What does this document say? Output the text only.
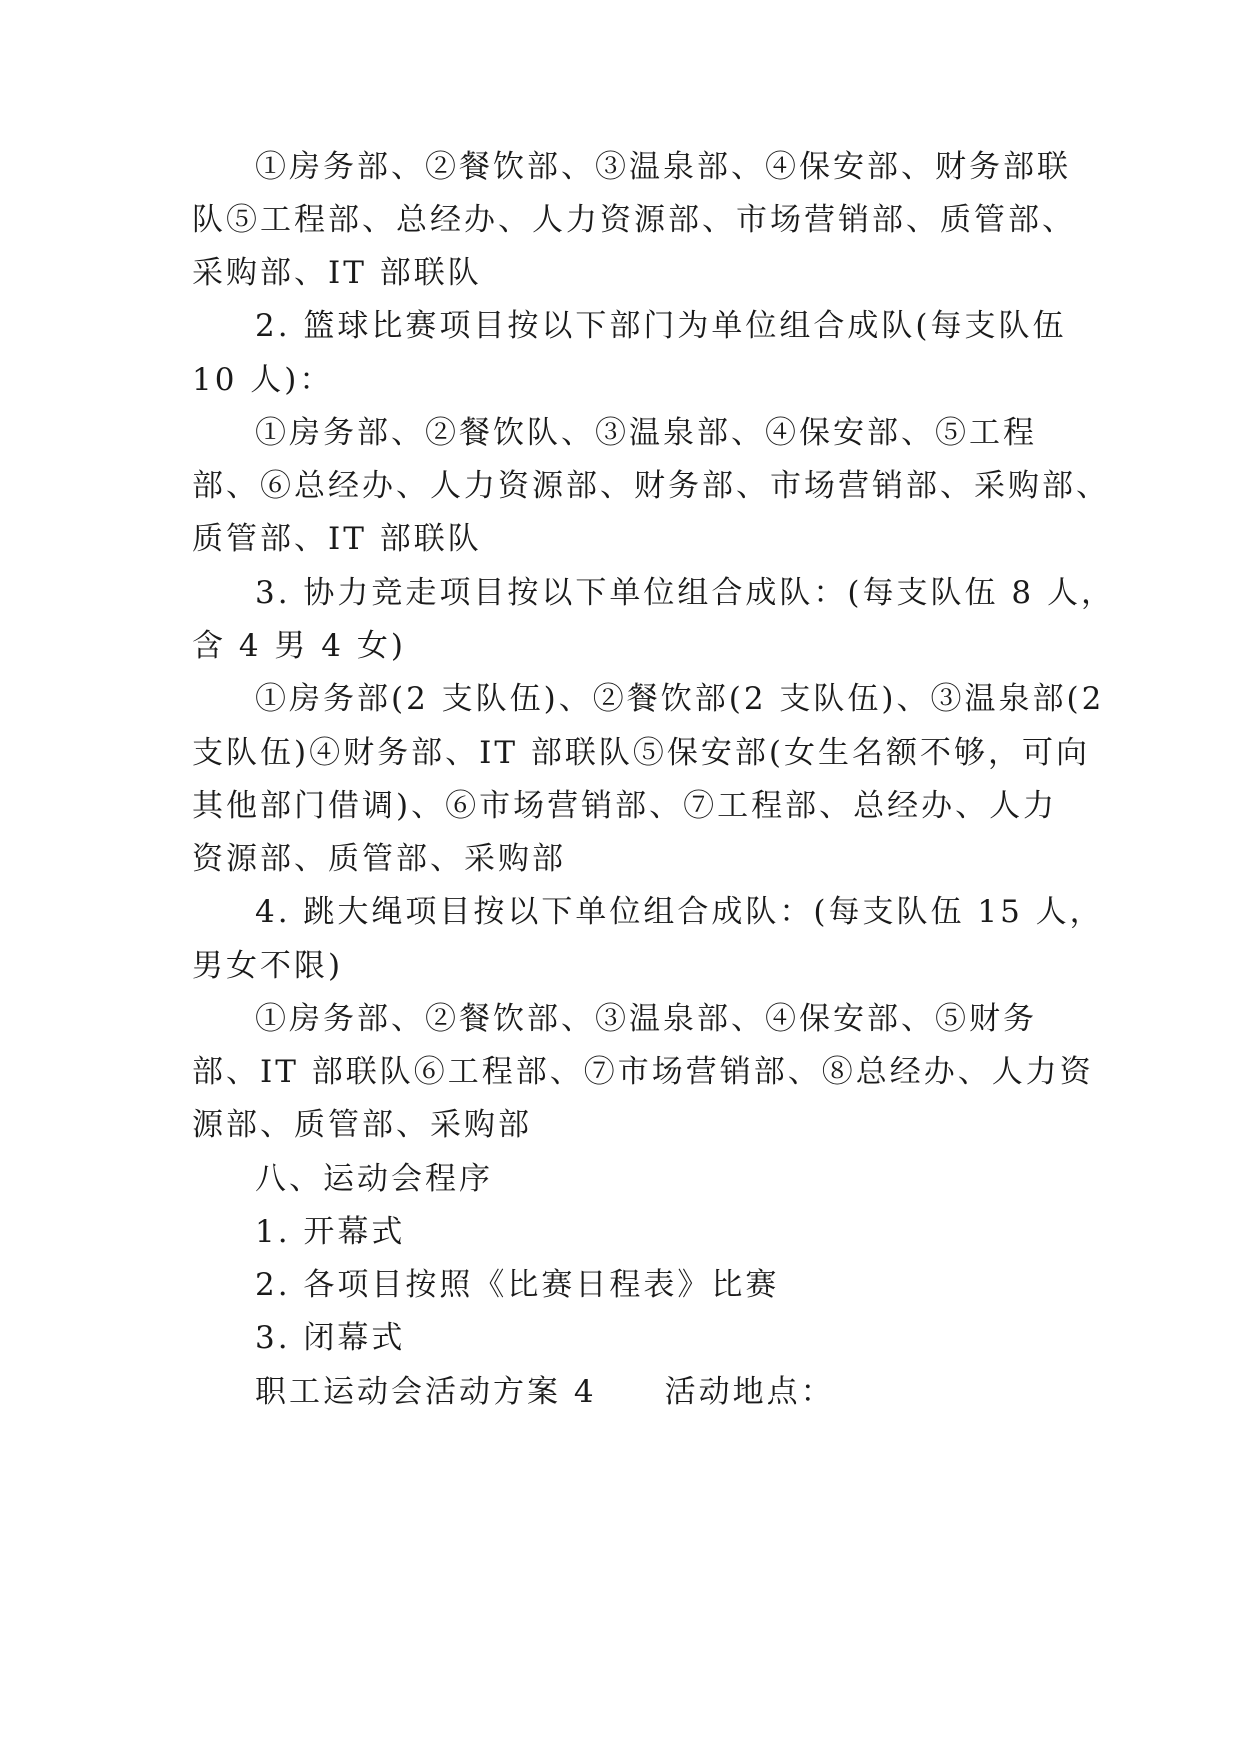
①房务部、②餐饮部、③温泉部、④保安部、财务部联
队⑤工程部、总经办、人力资源部、市场营销部、质管部、
采购部、IT 部联队
2. 篮球比赛项目按以下部门为单位组合成队(每支队伍
10 人)：
①房务部、②餐饮队、③温泉部、④保安部、⑤工程
部、⑥总经办、人力资源部、财务部、市场营销部、采购部、
质管部、IT 部联队
3. 协力竞走项目按以下单位组合成队：(每支队伍 8 人，
含 4 男 4 女)
①房务部(2 支队伍)、②餐饮部(2 支队伍)、③温泉部(2
支队伍)④财务部、IT 部联队⑤保安部(女生名额不够，可向
其他部门借调)、⑥市场营销部、⑦工程部、总经办、人力
资源部、质管部、采购部
4. 跳大绳项目按以下单位组合成队：(每支队伍 15 人，
男女不限)
①房务部、②餐饮部、③温泉部、④保安部、⑤财务
部、IT 部联队⑥工程部、⑦市场营销部、⑧总经办、人力资
源部、质管部、采购部
八、运动会程序
1. 开幕式
2. 各项目按照《比赛日程表》比赛
3. 闭幕式
职工运动会活动方案 4　　活动地点：
